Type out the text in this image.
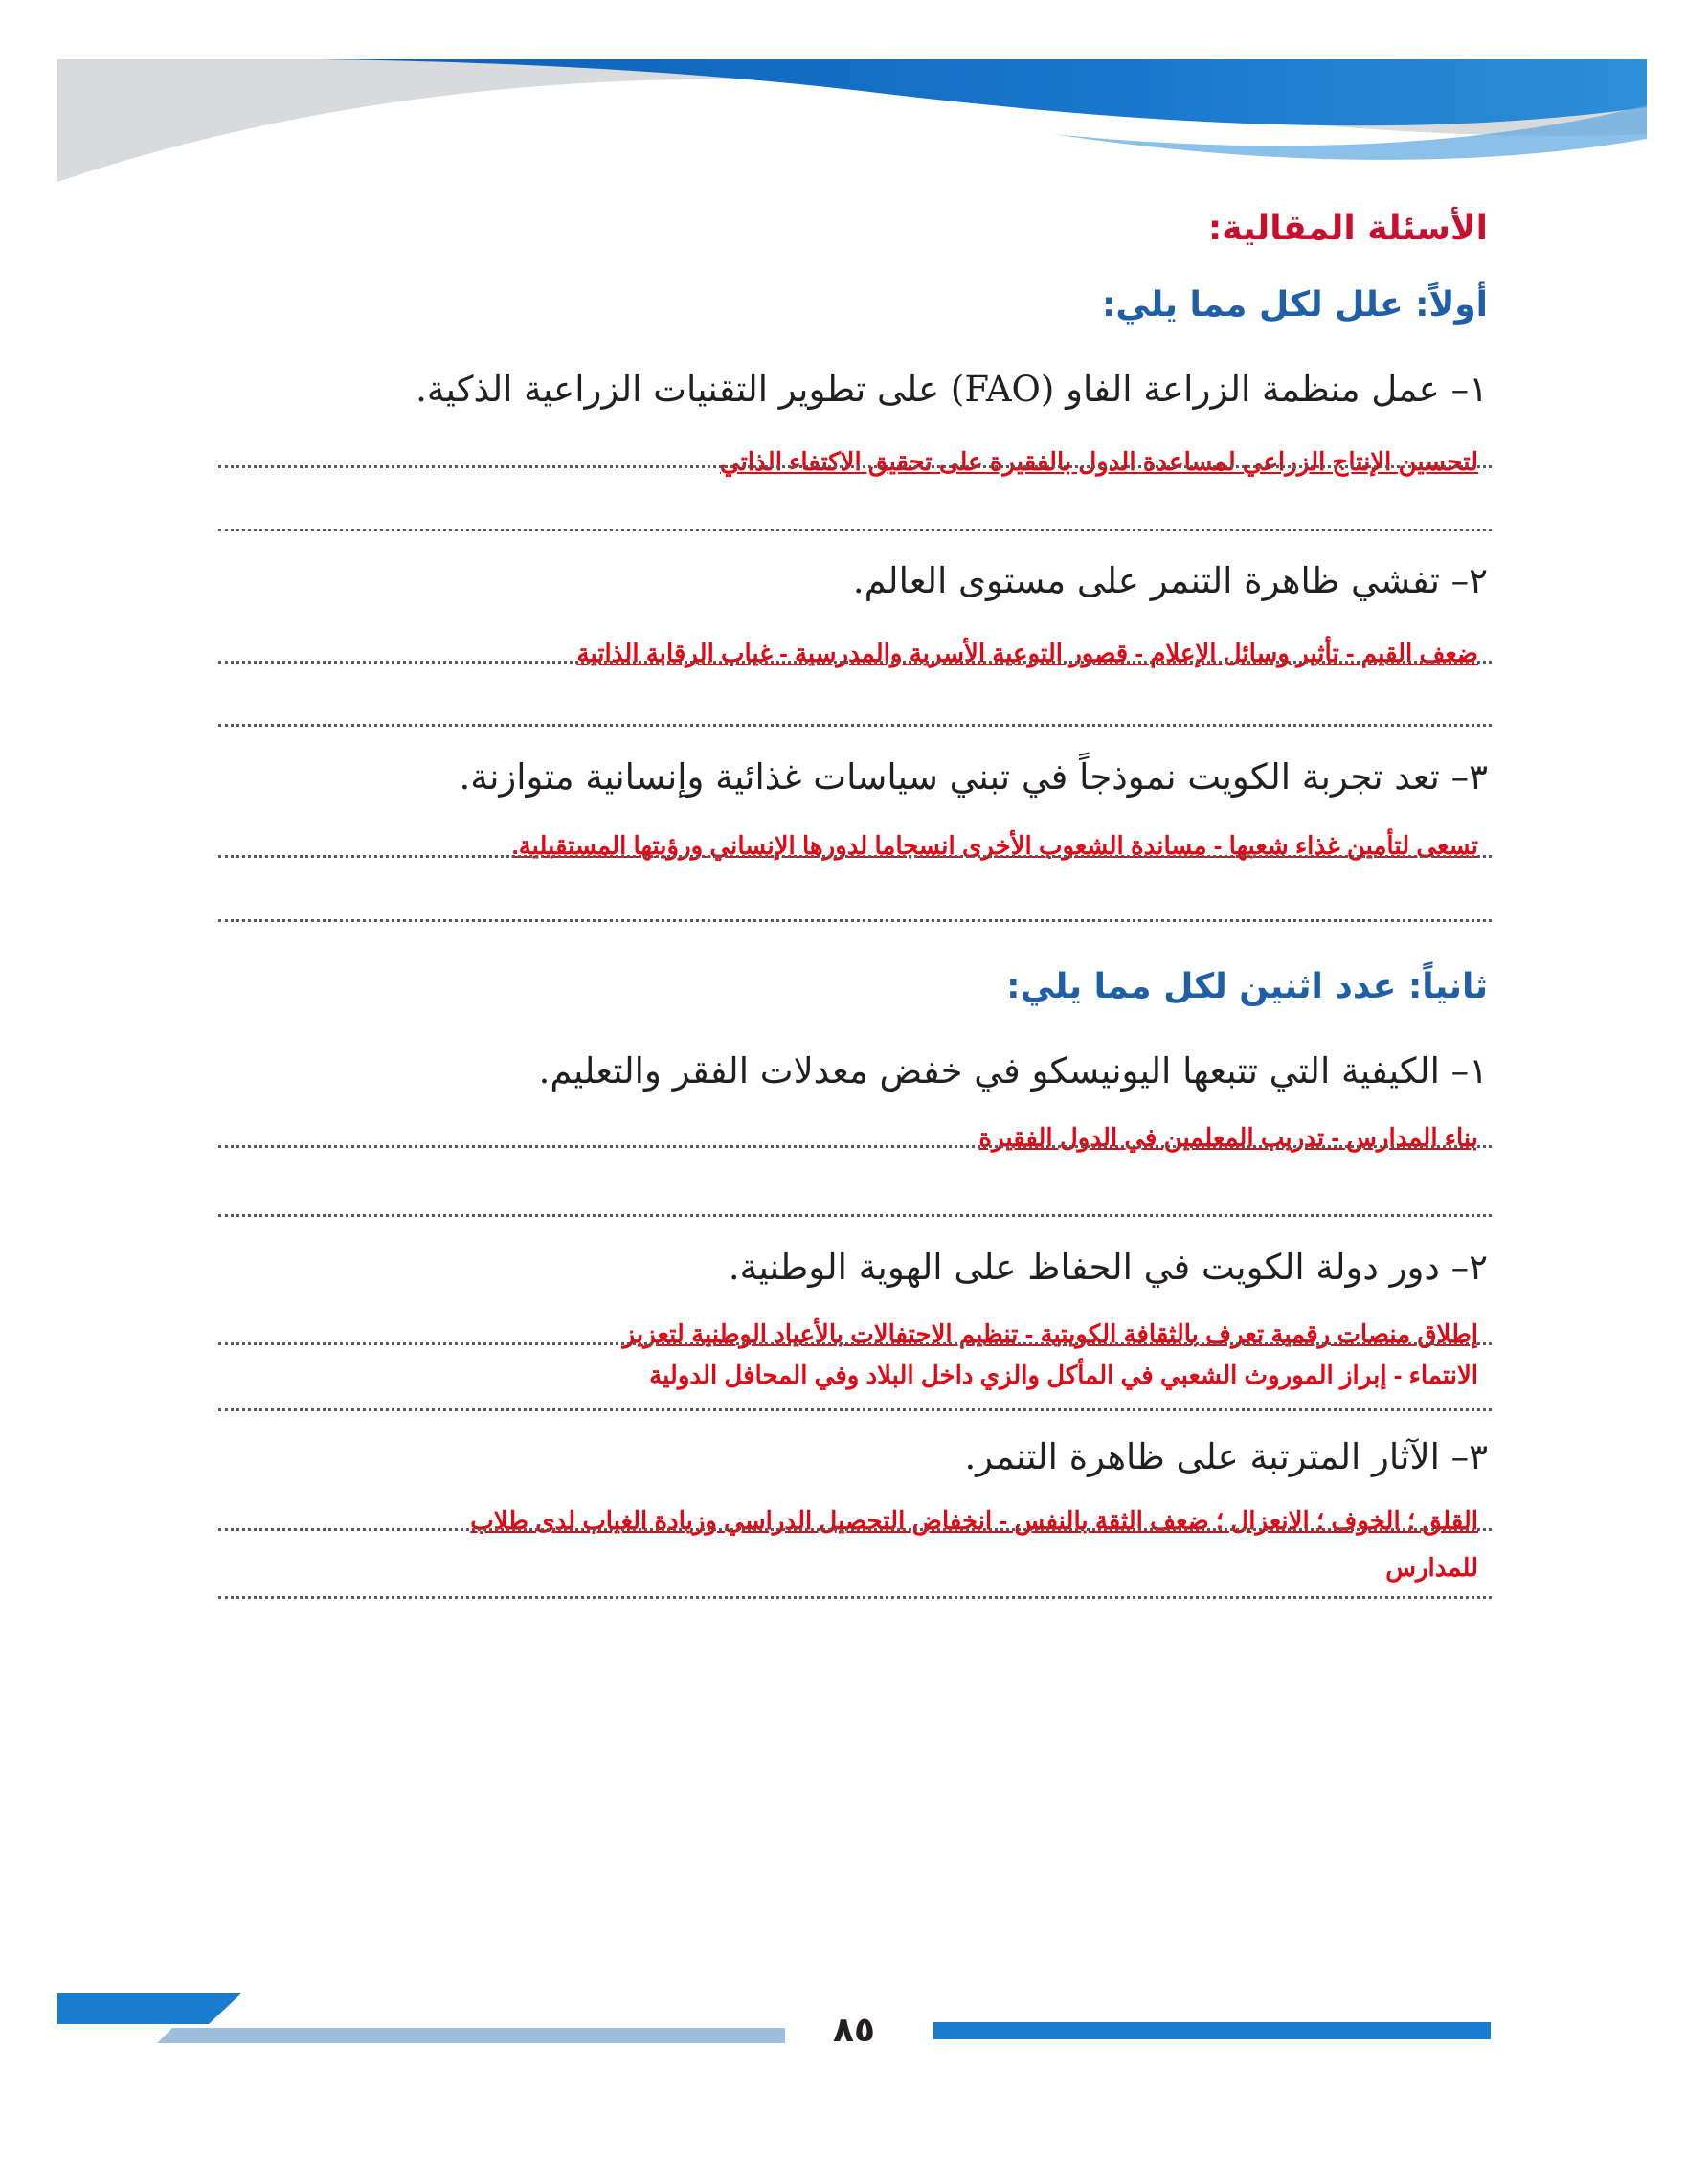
الأسئلة المقالية:
أولاً: علل لكل مما يلي:
١– عمل منظمة الزراعة الفاو (FAO) على تطوير التقنيات الزراعية الذكية.
لتحسين الإنتاج الزراعي لمساعدة الدول بالفقيرة على تحقيق الاكتفاء الذاتي
٢– تفشي ظاهرة التنمر على مستوى العالم.
ضعف القيم - تأثير وسائل الإعلام - قصور التوعية الأسرية والمدرسية - غياب الرقابة الذاتية
٣– تعد تجربة الكويت نموذجاً في تبني سياسات غذائية وإنسانية متوازنة.
تسعى لتأمين غذاء شعبها - مساندة الشعوب الأخرى انسجاما لدورها الإنساني ورؤيتها المستقبلية.
ثانياً: عدد اثنين لكل مما يلي:
١– الكيفية التي تتبعها اليونيسكو في خفض معدلات الفقر والتعليم.
بناء المدارس - تدريب المعلمين في الدول الفقيرة
٢– دور دولة الكويت في الحفاظ على الهوية الوطنية.
إطلاق منصات رقمية تعرف بالثقافة الكويتية - تنظيم الاحتفالات بالأعياد الوطنية لتعزيز
الانتماء - إبراز الموروث الشعبي في المأكل والزي داخل البلاد وفي المحافل الدولية
٣– الآثار المترتبة على ظاهرة التنمر.
القلق ؛ الخوف ؛ الانعزال ؛ ضعف الثقة بالنفس - انخفاض التحصيل الدراسي وزيادة الغياب لدى طلاب
للمدارس
٨٥
